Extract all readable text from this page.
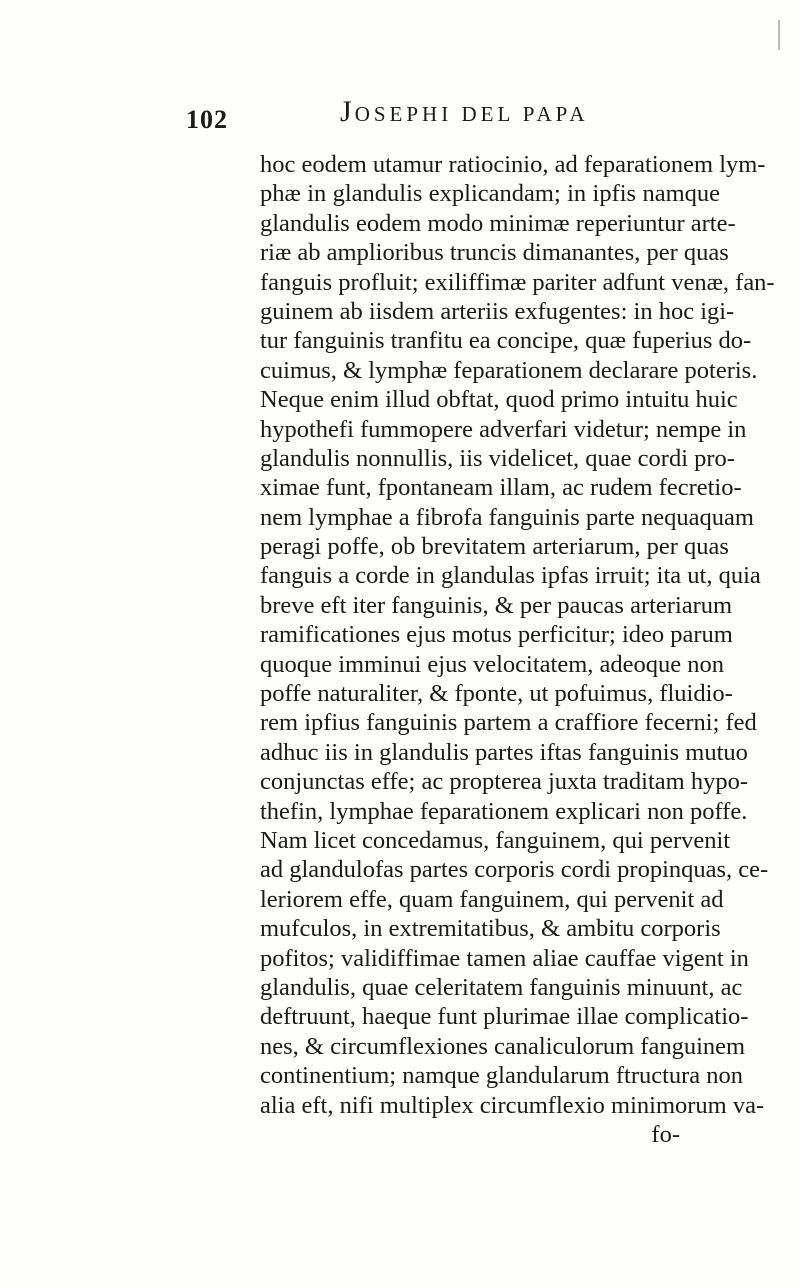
102	JOSEPHI DEL PAPA
hoc eodem utamur ratiocinio, ad feparationem lym-
phæ in glandulis explicandam; in ipfis namque
glandulis eodem modo minimæ reperiuntur arte-
riæ ab amplioribus truncis dimanantes, per quas
fanguis profluit; exiliffimæ pariter adfunt venæ, fan-
guinem ab iisdem arteriis exfugentes: in hoc igi-
tur fanguinis tranfitu ea concipe, quæ fuperius do-
cuimus, & lymphæ feparationem declarare poteris.
Neque enim illud obftat, quod primo intuitu huic
hypothefi fummopere adverfari videtur; nempe in
glandulis nonnullis, iis videlicet, quae cordi pro-
ximae funt, fpontaneam illam, ac rudem fecretio-
nem lymphae a fibrofa fanguinis parte nequaquam
peragi poffe, ob brevitatem arteriarum, per quas
fanguis a corde in glandulas ipfas irruit; ita ut, quia
breve eft iter fanguinis, & per paucas arteriarum
ramificationes ejus motus perficitur; ideo parum
quoque imminui ejus velocitatem, adeoque non
poffe naturaliter, & fponte, ut pofuimus, fluidio-
rem ipfius fanguinis partem a craffiore fecerni; fed
adhuc iis in glandulis partes iftas fanguinis mutuo
conjunctas effe; ac propterea juxta traditam hypo-
thefin, lymphae feparationem explicari non poffe.
Nam licet concedamus, fanguinem, qui pervenit
ad glandulofas partes corporis cordi propinquas, ce-
leriorem effe, quam fanguinem, qui pervenit ad
mufculos, in extremitatibus, & ambitu corporis
pofitos; validiffimae tamen aliae cauffae vigent in
glandulis, quae celeritatem fanguinis minuunt, ac
deftruunt, haeque funt plurimae illae complicatio-
nes, & circumflexiones canaliculorum fanguinem
continentium; namque glandularum ftructura non
alia eft, nifi multiplex circumflexio minimorum va-
fo-
